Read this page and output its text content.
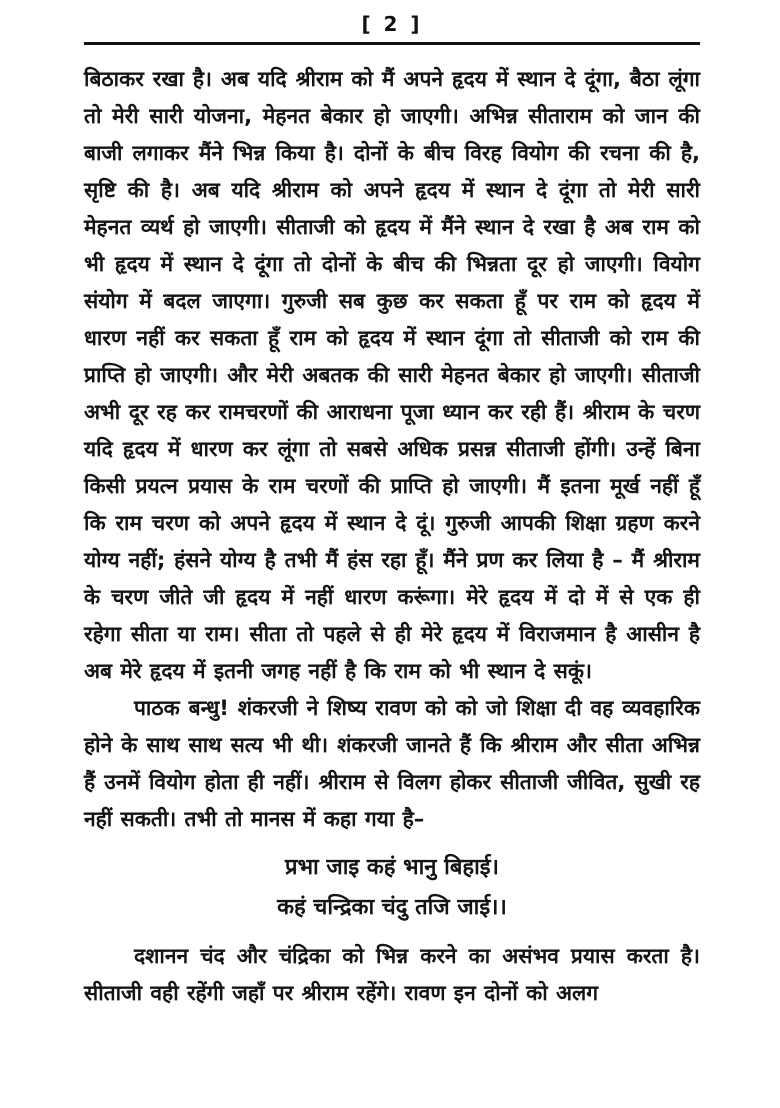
[ 2 ]

बिठाकर रखा है। अब यदि श्रीराम को मैं अपने हृदय में स्थान दे दूंगा, बैठा लूंगा तो मेरी सारी योजना, मेहनत बेकार हो जाएगी। अभिन्न सीताराम को जान की बाजी लगाकर मैंने भिन्न किया है। दोनों के बीच विरह वियोग की रचना की है, सृष्टि की है। अब यदि श्रीराम को अपने हृदय में स्थान दे दूंगा तो मेरी सारी मेहनत व्यर्थ हो जाएगी। सीताजी को हृदय में मैंने स्थान दे रखा है अब राम को भी हृदय में स्थान दे दूंगा तो दोनों के बीच की भिन्नता दूर हो जाएगी। वियोग संयोग में बदल जाएगा। गुरुजी सब कुछ कर सकता हूँ पर राम को हृदय में धारण नहीं कर सकता हूँ राम को हृदय में स्थान दूंगा तो सीताजी को राम की प्राप्ति हो जाएगी। और मेरी अबतक की सारी मेहनत बेकार हो जाएगी। सीताजी अभी दूर रह कर रामचरणों की आराधना पूजा ध्यान कर रही हैं। श्रीराम के चरण यदि हृदय में धारण कर लूंगा तो सबसे अधिक प्रसन्न सीताजी होंगी। उन्हें बिना किसी प्रयत्न प्रयास के राम चरणों की प्राप्ति हो जाएगी। मैं इतना मूर्ख नहीं हूँ कि राम चरण को अपने हृदय में स्थान दे दूं। गुरुजी आपकी शिक्षा ग्रहण करने योग्य नहीं; हंसने योग्य है तभी मैं हंस रहा हूँ। मैंने प्रण कर लिया है – मैं श्रीराम के चरण जीते जी हृदय में नहीं धारण करूंगा। मेरे हृदय में दो में से एक ही रहेगा सीता या राम। सीता तो पहले से ही मेरे हृदय में विराजमान है आसीन है अब मेरे हृदय में इतनी जगह नहीं है कि राम को भी स्थान दे सकूं।

पाठक बन्धु! शंकरजी ने शिष्य रावण को को जो शिक्षा दी वह व्यवहारिक होने के साथ साथ सत्य भी थी। शंकरजी जानते हैं कि श्रीराम और सीता अभिन्न हैं उनमें वियोग होता ही नहीं। श्रीराम से विलग होकर सीताजी जीवित, सुखी रह नहीं सकती। तभी तो मानस में कहा गया है–

प्रभा जाइ कहं भानु बिहाई।
कहं चन्द्रिका चंदु तजि जाई।।

दशानन चंद और चंद्रिका को भिन्न करने का असंभव प्रयास करता है। सीताजी वही रहेंगी जहाँ पर श्रीराम रहेंगे। रावण इन दोनों को अलग
